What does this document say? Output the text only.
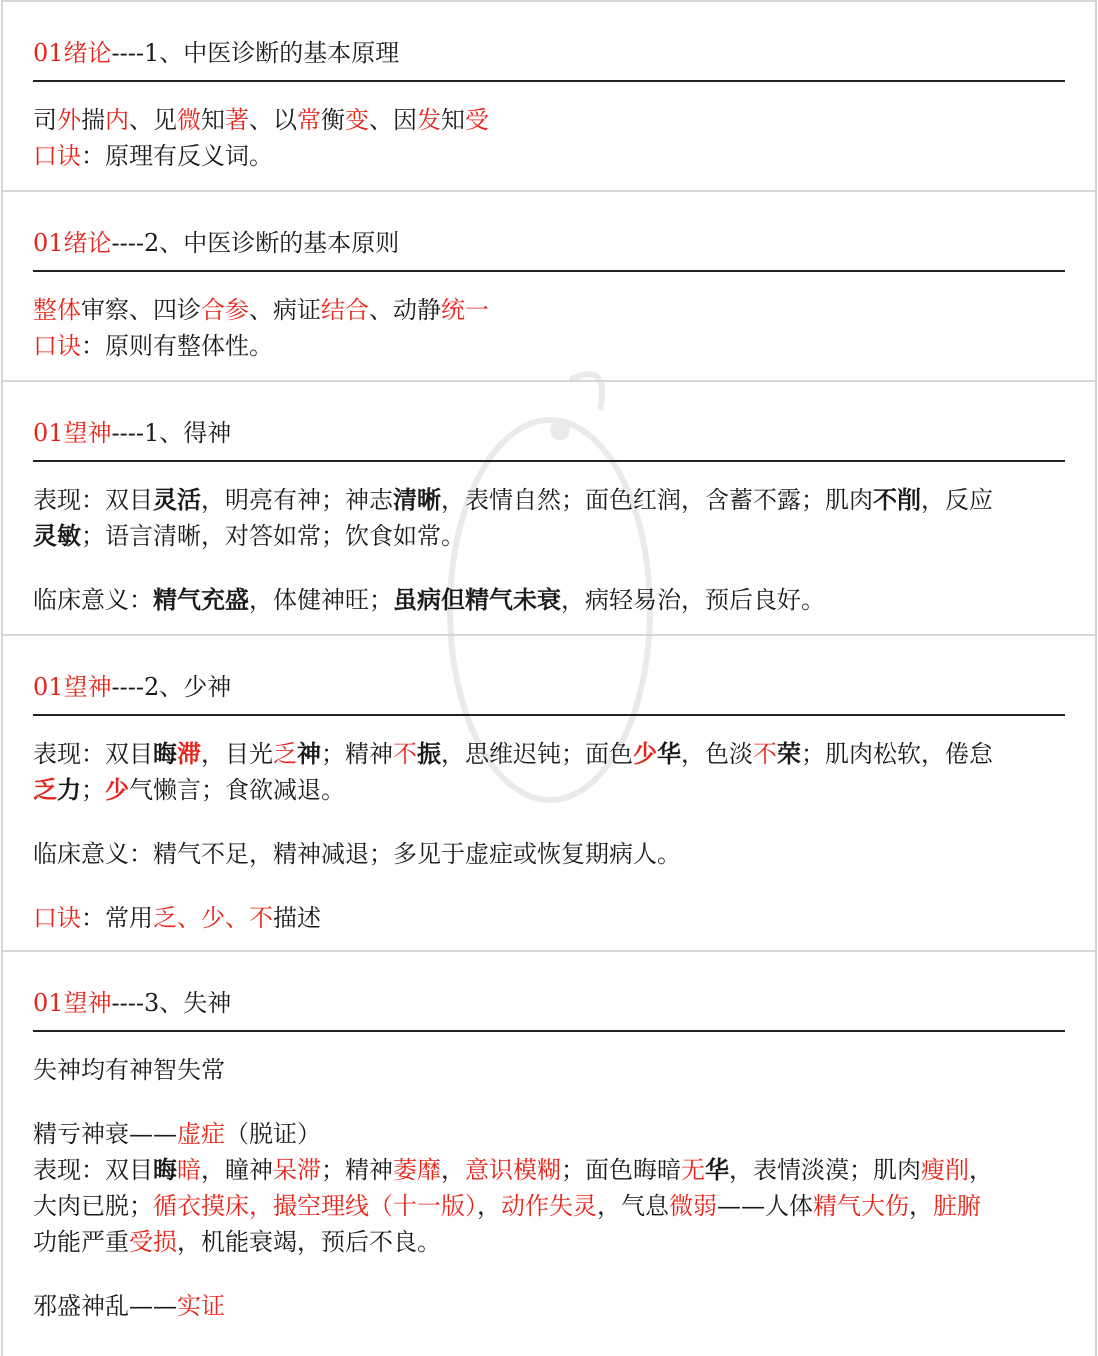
01绪论----1、中医诊断的基本原理

司外揣内、见微知著、以常衡变、因发知受

口诀：原理有反义词。

01绪论----2、中医诊断的基本原则

整体审察、四诊合参、病证结合、动静统一

口诀：原则有整体性。

01望神----1、得神

表现：双目灵活，明亮有神；神志清晰，表情自然；面色红润，含蓄不露；肌肉不削，反应

灵敏；语言清晰，对答如常；饮食如常。

临床意义：精气充盛，体健神旺；虽病但精气未衰，病轻易治，预后良好。

01望神----2、少神

表现：双目晦滞，目光乏神；精神不振，思维迟钝；面色少华，色淡不荣；肌肉松软，倦怠

乏力；少气懒言；食欲减退。

临床意义：精气不足，精神减退；多见于虚症或恢复期病人。

口诀：常用乏、少、不描述

01望神----3、失神

失神均有神智失常

精亏神衰——虚症（脱证）

表现：双目晦暗，瞳神呆滞；精神萎靡，意识模糊；面色晦暗无华，表情淡漠；肌肉瘦削，

大肉已脱；循衣摸床，撮空理线（十一版），动作失灵，气息微弱——人体精气大伤，脏腑

功能严重受损，机能衰竭，预后不良。

邪盛神乱——实证
